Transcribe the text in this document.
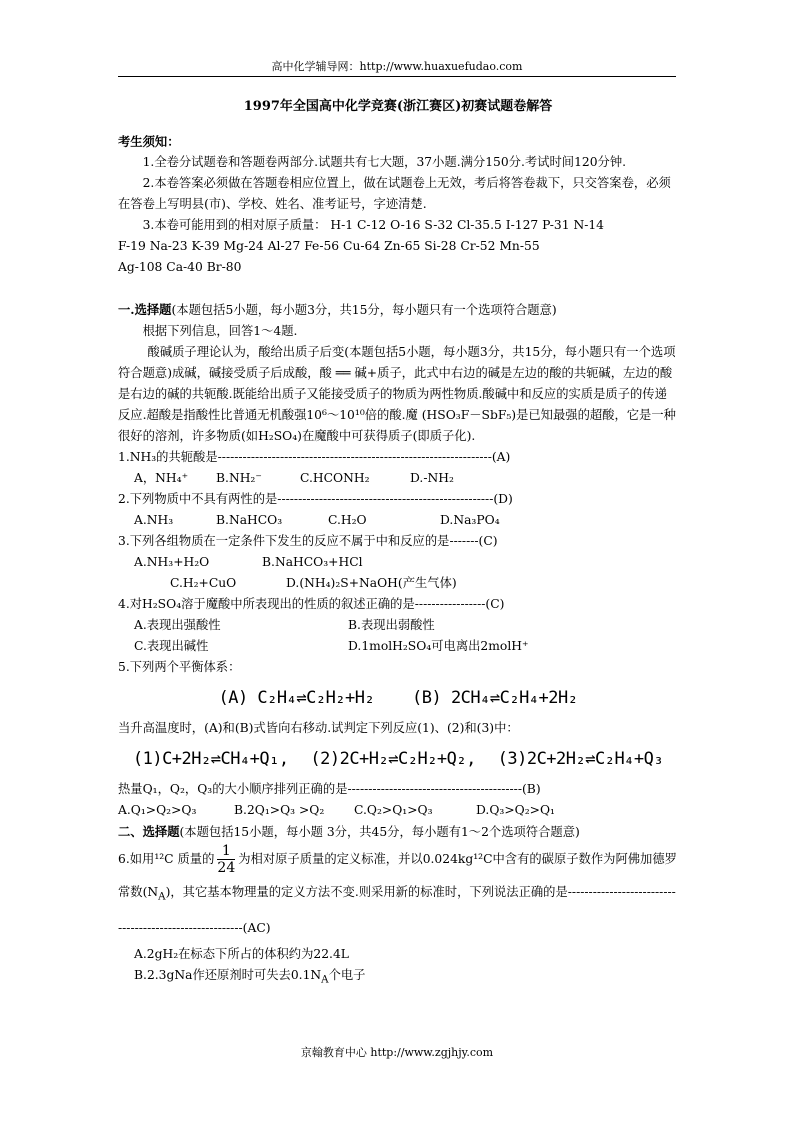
高中化学辅导网：http://www.huaxuefudao.com

1997年全国高中化学竞赛(浙江赛区)初赛试题卷解答

考生须知：

1.全卷分试题卷和答题卷两部分.试题共有七大题，37小题.满分150分.考试时间120分钟.

2.本卷答案必须做在答题卷相应位置上，做在试题卷上无效，考后将答卷裁下，只交答案卷，必须在答卷上写明县(市)、学校、姓名、准考证号，字迹清楚.

3.本卷可能用到的相对原子质量： H-1 C-12 O-16 S-32 Cl-35.5 I-127 P-31 N-14

F-19 Na-23 K-39 Mg-24 Al-27 Fe-56 Cu-64 Zn-65 Si-28 Cr-52 Mn-55

Ag-108 Ca-40 Br-80

一.选择题(本题包括5小题，每小题3分，共15分，每小题只有一个选项符合题意)

根据下列信息，回答1～4题.

酸碱质子理论认为，酸给出质子后变(本题包括5小题，每小题3分，共15分，每小题只有一个选项符合题意)成碱，碱接受质子后成酸，酸 ══ 碱+质子，此式中右边的碱是左边的酸的共轭碱，左边的酸是右边的碱的共轭酸.既能给出质子又能接受质子的物质为两性物质.酸碱中和反应的实质是质子的传递反应.超酸是指酸性比普通无机酸强10⁶～10¹⁰倍的酸.魔 (HSO₃F－SbF₅)是已知最强的超酸，它是一种很好的溶剂，许多物质(如H₂SO₄)在魔酸中可获得质子(即质子化).

1.NH₃的共轭酸是------------------------------------------------------------------(A)

A，NH₄⁺	B.NH₂⁻	C.HCONH₂	D.-NH₂

2.下列物质中不具有两性的是----------------------------------------------------(D)

A.NH₃	B.NaHCO₃	C.H₂O	D.Na₃PO₄

3.下列各组物质在一定条件下发生的反应不属于中和反应的是-------(C)

A.NH₃+H₂O	B.NaHCO₃+HCl
C.H₂+CuO	D.(NH₄)₂S+NaOH(产生气体)

4.对H₂SO₄溶于魔酸中所表现出的性质的叙述正确的是-----------------(C)

A.表现出强酸性	B.表现出弱酸性
C.表现出碱性	D.1molH₂SO₄可电离出2molH⁺

5.下列两个平衡体系：

(A) C₂H₄⇌C₂H₂+H₂ (B) 2CH₄⇌C₂H₄+2H₂

当升高温度时，(A)和(B)式皆向右移动.试判定下列反应(1)、(2)和(3)中：

(1)C+2H₂⇌CH₄+Q₁, (2)2C+H₂⇌C₂H₂+Q₂, (3)2C+2H₂⇌C₂H₄+Q₃

热量Q₁，Q₂，Q₃的大小顺序排列正确的是------------------------------------------(B)

A.Q₁>Q₂>Q₃	B.2Q₁>Q₃ >Q₂	C.Q₂>Q₁>Q₃	D.Q₃>Q₂>Q₁

二、选择题(本题包括15小题，每小题 3分，共45分，每小题有1～2个选项符合题意)

6.如用¹²C 质量的 $\frac{1}{24}$ 为相对原子质量的定义标准，并以0.024kg¹²C中含有的碳原子数作为阿佛加德罗常数$(N_A)$，其它基本物理量的定义方法不变.则采用新的标准时，下列说法正确的是--------------------------------------------------------(AC)

A.2gH₂在标态下所占的体积约为22.4L

B.2.3gNa作还原剂时可失去$0.1N_A$个电子

京翰教育中心 http://www.zgjhjy.com
